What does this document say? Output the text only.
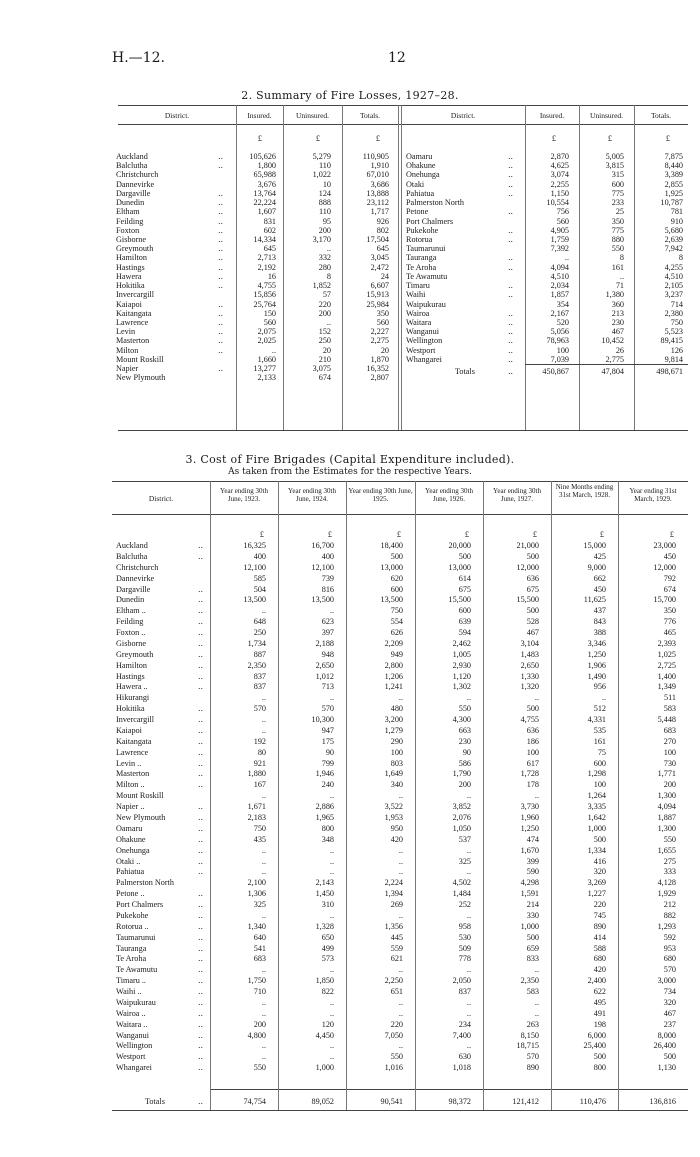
H.—12.	12
2. Summary of Fire Losses, 1927–28.
District.	Insured.	Uninsured.	Totals.	District.	Insured.	Uninsured.	Totals.
£	£	£	£	£	£
Auckland	..	105,626	5,279	110,905
Balclutha	..	1,800	110	1,910
Christchurch	65,988	1,022	67,010
Dannevirke	3,676	10	3,686
Dargaville	..	13,764	124	13,888
Dunedin	..	22,224	888	23,112
Eltham	..	1,607	110	1,717
Feilding	..	831	95	926
Foxton	..	602	200	802
Gisborne	..	14,334	3,170	17,504
Greymouth	..	645	..	645
Hamilton	..	2,713	332	3,045
Hastings	..	2,192	280	2,472
Hawera	..	16	8	24
Hokitika	..	4,755	1,852	6,607
Invercargill	15,856	57	15,913
Kaiapoi	..	25,764	220	25,984
Kaitangata	..	150	200	350
Lawrence	..	560	..	560
Levin	..	2,075	152	2,227
Masterton	..	2,025	250	2,275
Milton	..	..	20	20
Mount Roskill	1,660	210	1,870
Napier	..	13,277	3,075	16,352
New Plymouth	2,133	674	2,807
Oamaru	..	2,870	5,005	7,875
Ohakune	..	4,625	3,815	8,440
Onehunga	..	3,074	315	3,389
Otaki	..	2,255	600	2,855
Pahiatua	..	1,150	775	1,925
Palmerston North	10,554	233	10,787
Petone	..	756	25	781
Port Chalmers	560	350	910
Pukekohe	..	4,905	775	5,680
Rotorua	..	1,759	880	2,639
Taumarunui	7,392	550	7,942
Tauranga	..	..	8	8
Te Aroha	..	4,094	161	4,255
Te Awamutu	4,510	..	4,510
Timaru	..	2,034	71	2,105
Waihi	..	1,857	1,380	3,237
Waipukurau	354	360	714
Wairoa	..	2,167	213	2,380
Waitara	..	520	230	750
Wanganui	..	5,056	467	5,523
Wellington	..	78,963	10,452	89,415
Westport	..	100	26	126
Whangarei	..	7,039	2,775	9,814
Totals	..	450,867	47,804	498,671
3. Cost of Fire Brigades (Capital Expenditure included).
As taken from the Estimates for the respective Years.
District.
Year ending 30th June, 1923.
Year ending 30th June, 1924.
Year ending 30th June, 1925.
Year ending 30th June, 1926.
Year ending 30th June, 1927.
Nine Months ending 31st March, 1928.	Year ending 31st March, 1929.
£	£	£	£	£	£	£
Auckland	..	16,325	16,700	18,400	20,000	21,000	15,000	23,000
Balclutha	..	400	400	500	500	500	425	450
Christchurch	12,100	12,100	13,000	13,000	12,000	9,000	12,000
Dannevirke	585	739	620	614	636	662	792
Dargaville	..	504	816	600	675	675	450	674
Dunedin	..	13,500	13,500	13,500	15,500	15,500	11,625	15,700
Eltham ..	..	..	..	750	600	500	437	350
Feilding	..	648	623	554	639	528	843	776
Foxton ..	..	250	397	626	594	467	388	465
Gisborne	..	1,734	2,188	2,209	2,462	3,104	3,346	2,393
Greymouth	..	887	948	949	1,005	1,483	1,250	1,025
Hamilton	..	2,350	2,650	2,800	2,930	2,650	1,906	2,725
Hastings	..	837	1,012	1,206	1,120	1,330	1,490	1,400
Hawera ..	..	837	713	1,241	1,302	1,320	956	1,349
Hikurangi	..	..	..	..	..	..	511
Hokitika	..	570	570	480	550	500	512	583
Invercargill	..	..	10,300	3,200	4,300	4,755	4,331	5,448
Kaiapoi	..	..	947	1,279	663	636	535	683
Kaitangata	..	192	175	290	230	186	161	270
Lawrence	..	80	90	100	90	100	75	100
Levin ..	..	921	799	803	586	617	600	730
Masterton	..	1,880	1,946	1,649	1,790	1,728	1,298	1,771
Milton ..	..	167	240	340	200	178	100	200
Mount Roskill	..	..	..	..	..	1,264	1,300
Napier ..	..	1,671	2,886	3,522	3,852	3,730	3,335	4,094
New Plymouth	..	2,183	1,965	1,953	2,076	1,960	1,642	1,887
Oamaru	..	750	800	950	1,050	1,250	1,000	1,300
Ohakune	..	435	348	420	537	474	500	550
Onehunga	..	..	..	..	..	1,670	1,334	1,655
Otaki ..	..	..	..	..	325	399	416	275
Pahiatua	..	..	..	..	..	590	320	333
Palmerston North	2,100	2,143	2,224	4,502	4,298	3,269	4,128
Petone ..	..	1,306	1,450	1,394	1,484	1,591	1,227	1,929
Port Chalmers	..	325	310	269	252	214	220	212
Pukekohe	..	..	..	..	..	330	745	882
Rotorua ..	..	1,340	1,328	1,356	958	1,000	890	1,293
Taumarunui	..	640	650	445	530	500	414	592
Tauranga	..	541	499	559	509	659	588	953
Te Aroha	..	683	573	621	778	833	680	680
Te Awamutu	..	..	..	..	..	..	420	570
Timaru ..	..	1,750	1,850	2,250	2,050	2,350	2,400	3,000
Waihi ..	..	710	822	651	837	583	622	734
Waipukurau	..	..	..	..	..	..	495	320
Wairoa ..	..	..	..	..	..	..	491	467
Waitara ..	..	200	120	220	234	263	198	237
Wanganui	..	4,800	4,450	7,050	7,400	8,150	6,000	8,000
Wellington	..	..	..	..	..	18,715	25,400	26,400
Westport	..	..	..	550	630	570	500	500
Whangarei	..	550	1,000	1,016	1,018	890	800	1,130
Totals	..	74,754	89,052	90,541	98,372	121,412	110,476	136,816
